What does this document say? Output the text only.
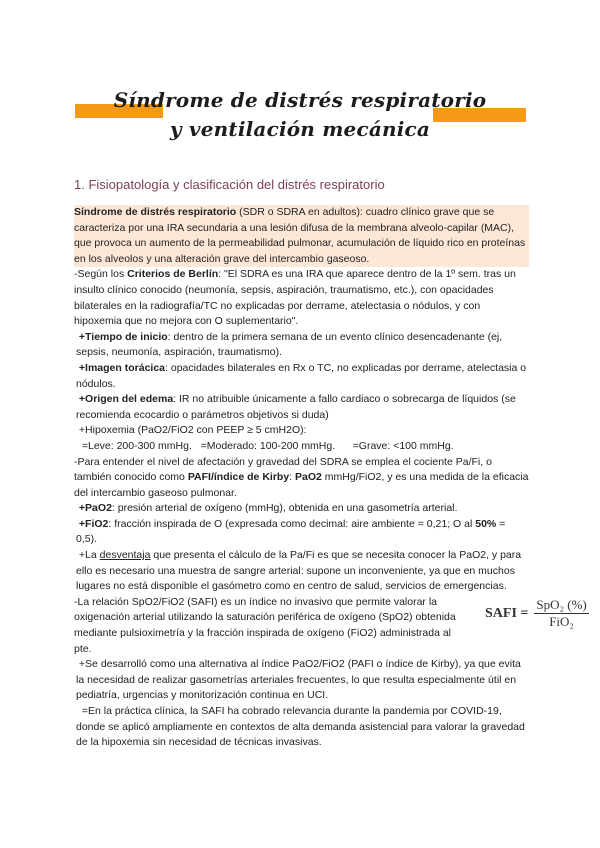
Síndrome de distrés respiratorio
y ventilación mecánica
1. Fisiopatología y clasificación del distrés respiratorio

Síndrome de distrés respiratorio (SDR o SDRA en adultos): cuadro clínico grave que se caracteriza por una IRA secundaria a una lesión difusa de la membrana alveolo-capilar (MAC), que provoca un aumento de la permeabilidad pulmonar, acumulación de líquido rico en proteínas en los alveolos y una alteración grave del intercambio gaseoso.

-Según los Criterios de Berlín: "El SDRA es una IRA que aparece dentro de la 1º sem. tras un insulto clínico conocido (neumonía, sepsis, aspiración, traumatismo, etc.), con opacidades bilaterales en la radiografía/TC no explicadas por derrame, atelectasia o nódulos, y con hipoxemia que no mejora con O suplementario".

+Tiempo de inicio: dentro de la primera semana de un evento clínico desencadenante (ej, sepsis, neumonía, aspiración, traumatismo).

+Imagen torácica: opacidades bilaterales en Rx o TC, no explicadas por derrame, atelectasia o nódulos.

+Origen del edema: IR no atribuible únicamente a fallo cardiaco o sobrecarga de líquidos (se recomienda ecocardio o parámetros objetivos si duda)

+Hipoxemia (PaO2/FiO2 con PEEP ≥ 5 cmH2O):

=Leve: 200-300 mmHg.   =Moderado: 100-200 mmHg.      =Grave: <100 mmHg.

-Para entender el nivel de afectación y gravedad del SDRA se emplea el cociente Pa/Fi, o también conocido como PAFI/índice de Kirby: PaO2 mmHg/FiO2, y es una medida de la eficacia del intercambio gaseoso pulmonar.

+PaO2: presión arterial de oxígeno (mmHg), obtenida en una gasometría arterial.

+FiO2: fracción inspirada de O (expresada como decimal: aire ambiente = 0,21; O al 50% = 0,5).

+La desventaja que presenta el cálculo de la Pa/Fi es que se necesita conocer la PaO2, y para ello es necesario una muestra de sangre arterial: supone un inconveniente, ya que en muchos lugares no está disponible el gasómetro como en centro de salud, servicios de emergencias.

-La relación SpO2/FiO2 (SAFI) es un índice no invasivo que permite valorar la oxigenación arterial utilizando la saturación periférica de oxígeno (SpO2) obtenida mediante pulsioximetría y la fracción inspirada de oxígeno (FiO2) administrada al pte.

+Se desarrolló como una alternativa al índice PaO2/FiO2 (PAFI o índice de Kirby), ya que evita la necesidad de realizar gasometrías arteriales frecuentes, lo que resulta especialmente útil en pediatría, urgencias y monitorización continua en UCI.

=En la práctica clínica, la SAFI ha cobrado relevancia durante la pandemia por COVID-19, donde se aplicó ampliamente en contextos de alta demanda asistencial para valorar la gravedad de la hipoxemia sin necesidad de técnicas invasivas.

SAFI = $\frac{\text{SpO₂ (\%)}}{\text{FiO₂}}$
